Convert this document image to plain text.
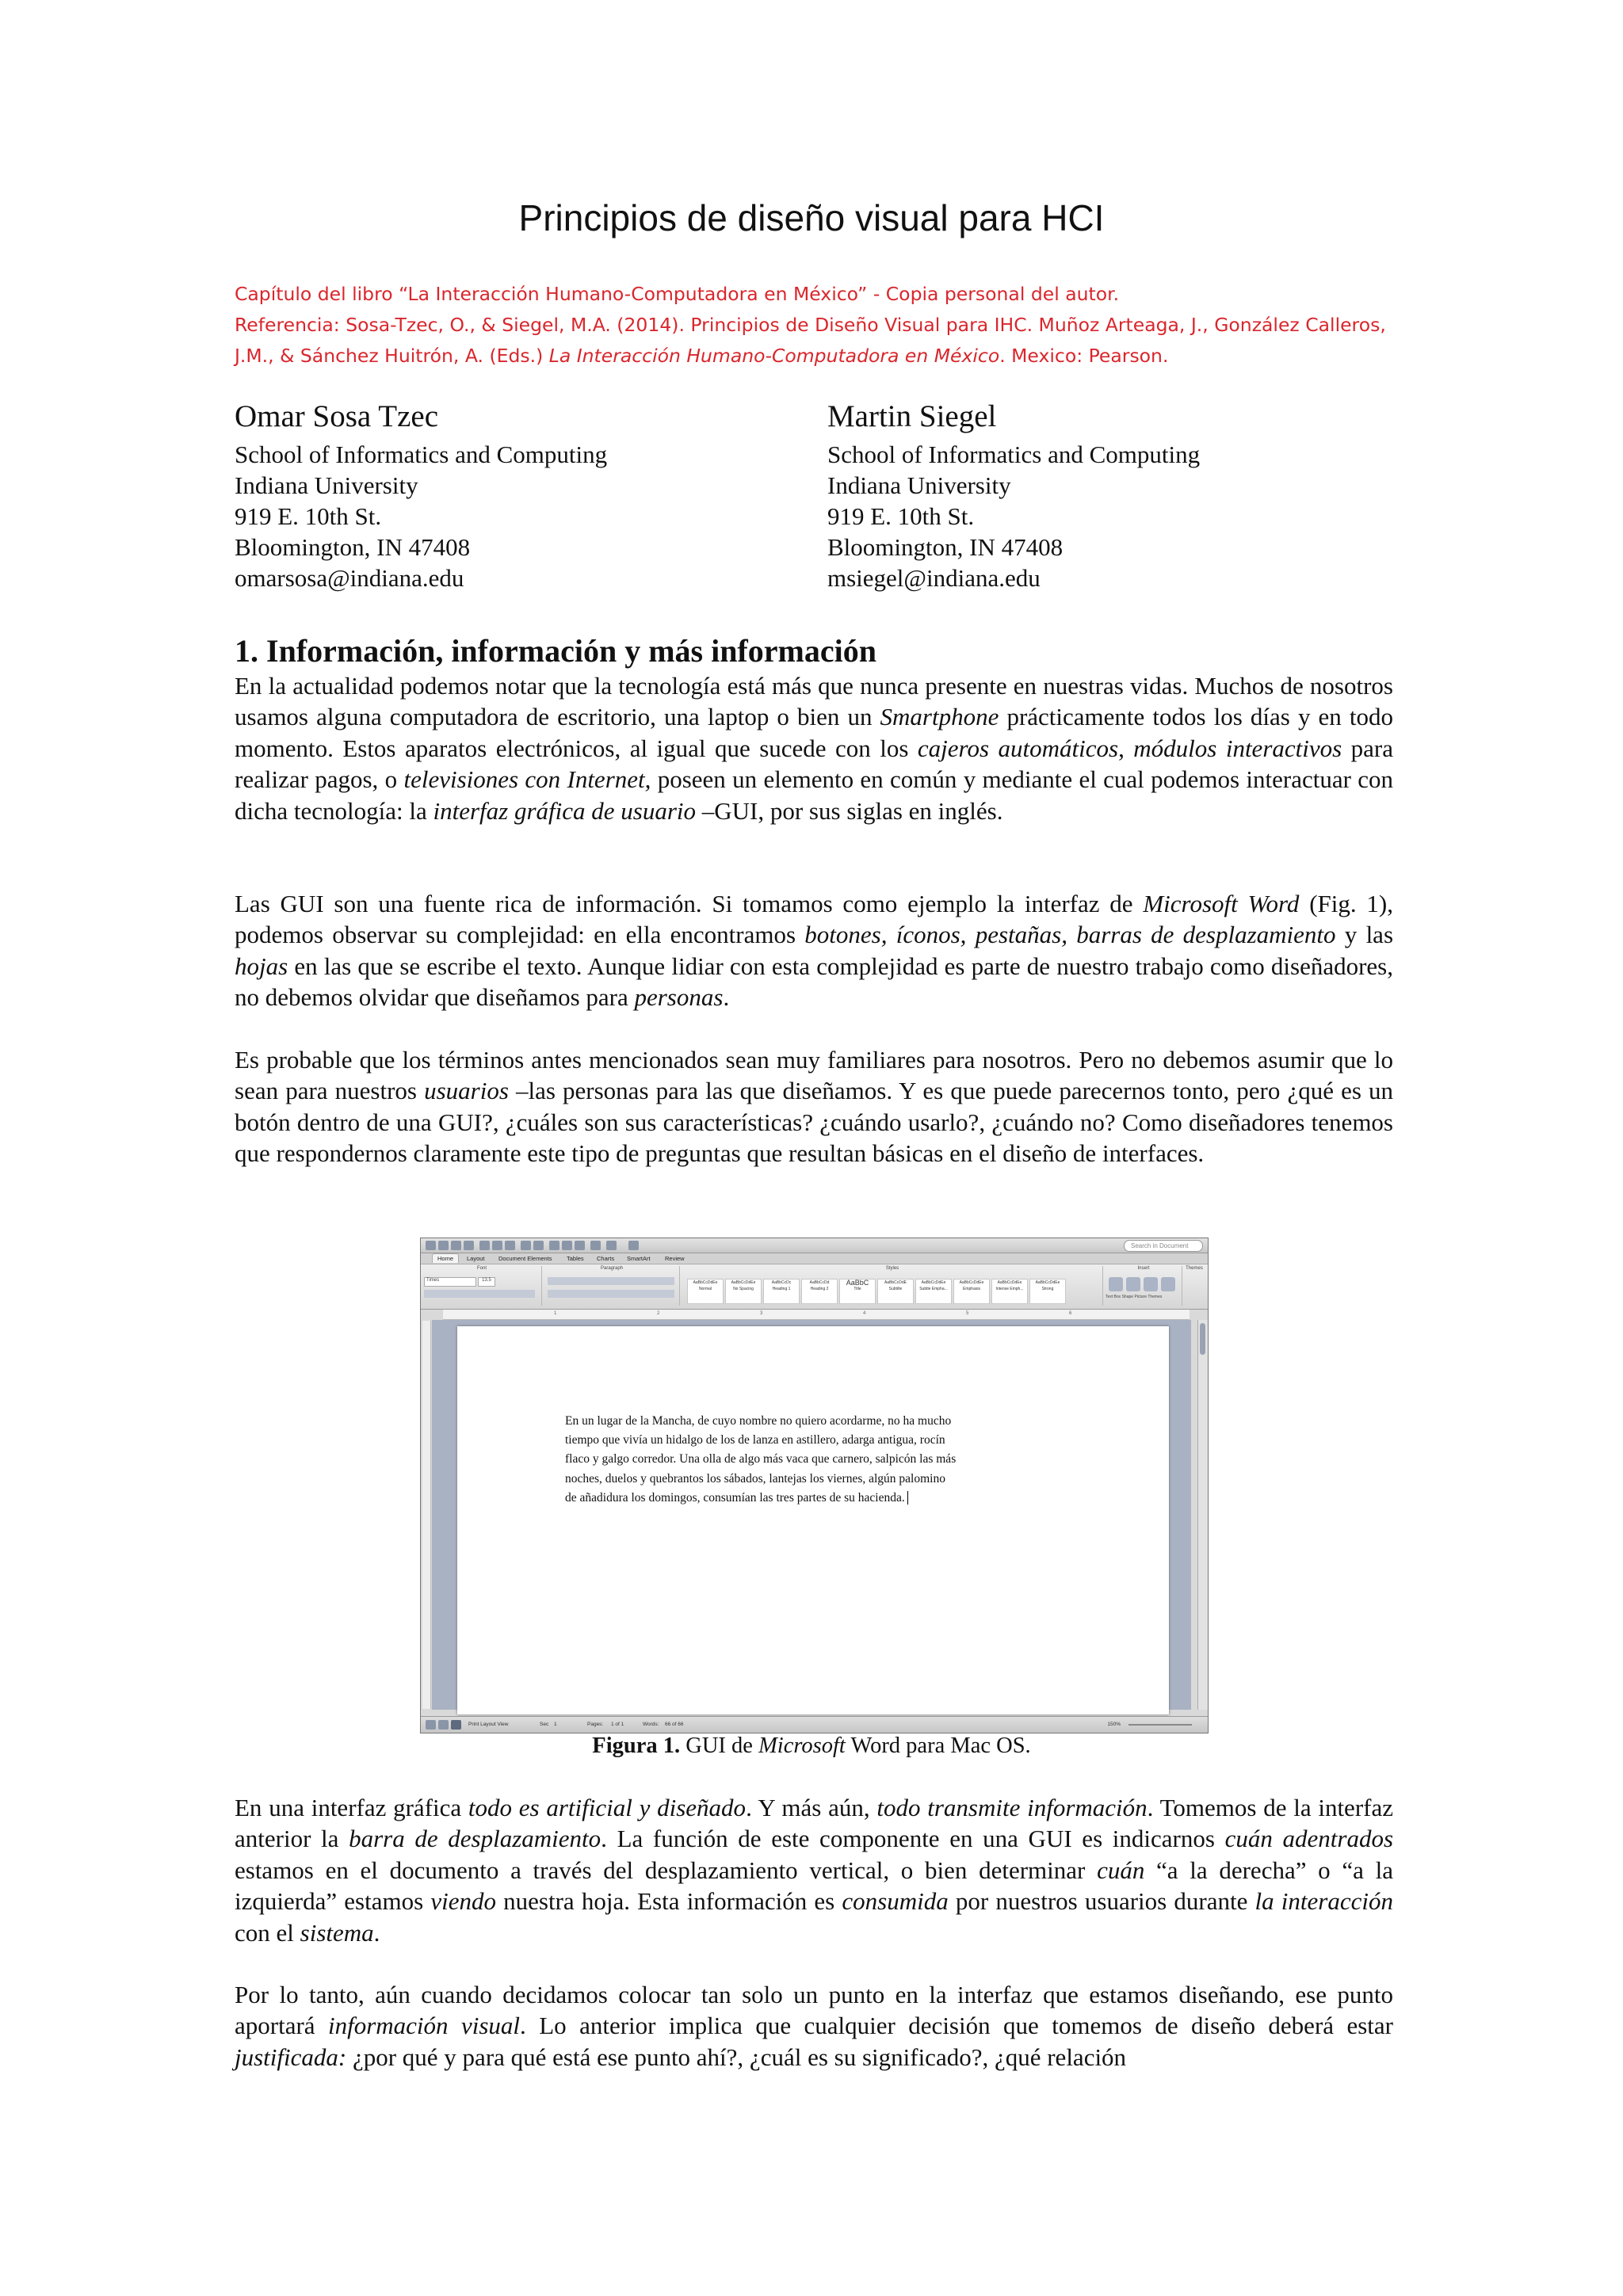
Principios de diseño visual para HCI
Capítulo del libro “La Interacción Humano-Computadora en México” - Copia personal del autor.
Referencia: Sosa-Tzec, O., & Siegel, M.A. (2014). Principios de Diseño Visual para IHC. Muñoz Arteaga, J., González Calleros,
J.M., & Sánchez Huitrón, A. (Eds.) La Interacción Humano-Computadora en México. Mexico: Pearson.
Omar Sosa Tzec
School of Informatics and Computing
Indiana University
919 E. 10th St.
Bloomington, IN 47408
omarsosa@indiana.edu
Martin Siegel
School of Informatics and Computing
Indiana University
919 E. 10th St.
Bloomington, IN 47408
msiegel@indiana.edu
1. Información, información y más información

En la actualidad podemos notar que la tecnología está más que nunca presente en nuestras vidas. Muchos de nosotros usamos alguna computadora de escritorio, una laptop o bien un Smartphone prácticamente todos los días y en todo momento. Estos aparatos electrónicos, al igual que sucede con los cajeros automáticos, módulos interactivos para realizar pagos, o televisiones con Internet, poseen un elemento en común y mediante el cual podemos interactuar con dicha tecnología: la interfaz gráfica de usuario –GUI, por sus siglas en inglés.

Las GUI son una fuente rica de información. Si tomamos como ejemplo la interfaz de Microsoft Word (Fig. 1), podemos observar su complejidad: en ella encontramos botones, íconos, pestañas, barras de desplazamiento y las hojas en las que se escribe el texto. Aunque lidiar con esta complejidad es parte de nuestro trabajo como diseñadores, no debemos olvidar que diseñamos para personas.

Es probable que los términos antes mencionados sean muy familiares para nosotros. Pero no debemos asumir que lo sean para nuestros usuarios –las personas para las que diseñamos. Y es que puede parecernos tonto, pero ¿qué es un botón dentro de una GUI?, ¿cuáles son sus características? ¿cuándo usarlo?, ¿cuándo no? Como diseñadores tenemos que respondernos claramente este tipo de preguntas que resultan básicas en el diseño de interfaces.

Search in Document
Home	Layout	Document Elements	Tables	Charts	SmartArt	Review
Font
Times	13.5
Paragraph	Styles
AaBbCcDdEe
Normal
AaBbCcDdEe
No Spacing
AaBbCcDc
Heading 1
AaBbCcDd
Heading 2
AaBbC
Title
AaBbCcDdE
Subtitle
AaBbCcDdEe
Subtle Empha...
AaBbCcDdEe
Emphasis
AaBbCcDdEe
Intense Emph...
AaBbCcDdEe
Strong
Insert
Text Box Shape Picture Themes
Themes
1	2	3	4	5	6
En un lugar de la Mancha, de cuyo nombre no quiero acordarme, no ha mucho
tiempo que vivía un hidalgo de los de lanza en astillero, adarga antigua, rocín
flaco y galgo corredor. Una olla de algo más vaca que carnero, salpicón las más
noches, duelos y quebrantos los sábados, lantejas los viernes, algún palomino
de añadidura los domingos, consumían las tres partes de su hacienda.
Print Layout View	Sec 1	Pages: 1 of 1	Words: 66 of 66	150%
Figura 1. GUI de Microsoft Word para Mac OS.

En una interfaz gráfica todo es artificial y diseñado. Y más aún, todo transmite información. Tomemos de la interfaz anterior la barra de desplazamiento. La función de este componente en una GUI es indicarnos cuán adentrados estamos en el documento a través del desplazamiento vertical, o bien determinar cuán “a la derecha” o “a la izquierda” estamos viendo nuestra hoja. Esta información es consumida por nuestros usuarios durante la interacción con el sistema.

Por lo tanto, aún cuando decidamos colocar tan solo un punto en la interfaz que estamos diseñando, ese punto aportará información visual. Lo anterior implica que cualquier decisión que tomemos de diseño deberá estar justificada: ¿por qué y para qué está ese punto ahí?, ¿cuál es su significado?, ¿qué relación
